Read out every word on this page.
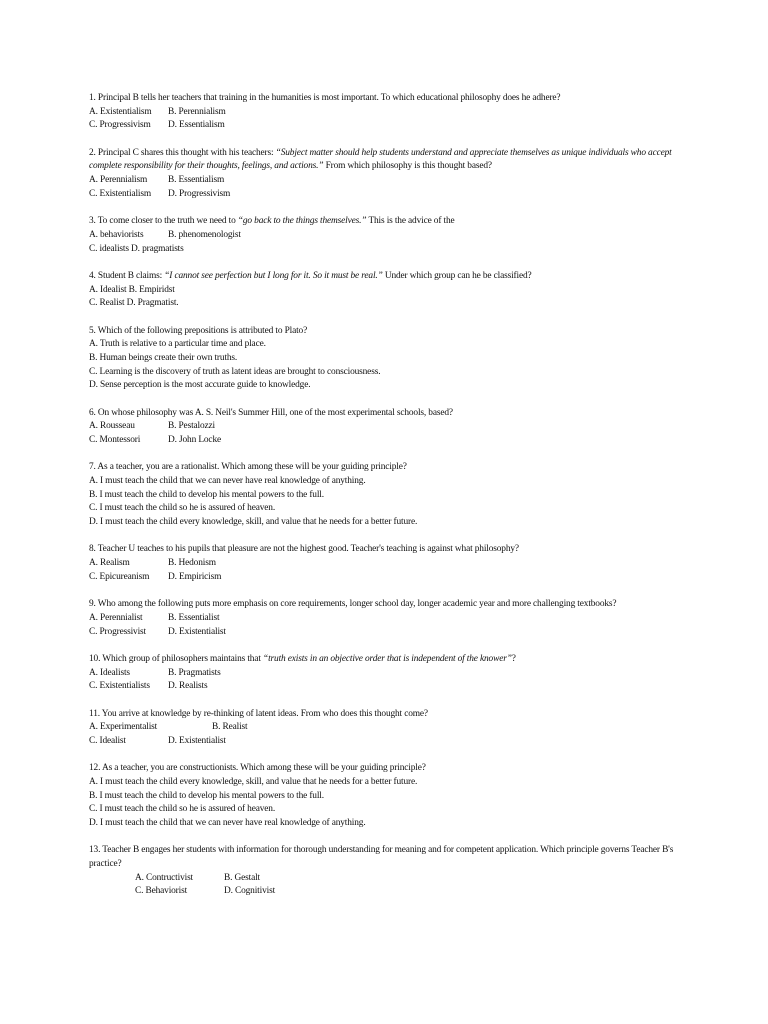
1. Principal B tells her teachers that training in the humanities is most important. To which educational philosophy does he adhere?
A. Existentialism B. Perennialism
C. Progressivism D. Essentialism
2. Principal C shares this thought with his teachers: “Subject matter should help students understand and appreciate themselves as unique individuals who accept complete responsibility for their thoughts, feelings, and actions.” From which philosophy is this thought based?
A. Perennialism B. Essentialism
C. Existentialism D. Progressivism
3. To come closer to the truth we need to “go back to the things themselves.” This is the advice of the
A. behaviorists	B. phenomenologist
C. idealists D. pragmatists
4. Student B claims: “I cannot see perfection but I long for it. So it must be real.” Under which group can he be classified?
A. Idealist B. Empiridst
C. Realist D. Pragmatist.
5. Which of the following prepositions is attributed to Plato?
A. Truth is relative to a particular time and place.
B. Human beings create their own truths.
C. Learning is the discovery of truth as latent ideas are brought to consciousness.
D. Sense perception is the most accurate guide to knowledge.
6. On whose philosophy was A. S. Neil's Summer Hill, one of the most experimental schools, based?
A. Rousseau	B. Pestalozzi
C. Montessori	D. John Locke
7. As a teacher, you are a rationalist. Which among these will be your guiding principle?
A. I must teach the child that we can never have real knowledge of anything.
B. I must teach the child to develop his mental powers to the full.
C. I must teach the child so he is assured of heaven.
D. I must teach the child every knowledge, skill, and value that he needs for a better future.
8. Teacher U teaches to his pupils that pleasure are not the highest good. Teacher's teaching is against what philosophy?
A. Realism	B. Hedonism
C. Epicureanism D. Empiricism
9. Who among the following puts more emphasis on core requirements, longer school day, longer academic year and more challenging textbooks?
A. Perennialist	B. Essentialist
C. Progressivist D. Existentialist
10. Which group of philosophers maintains that “truth exists in an objective order that is independent of the knower”?
A. Idealists	B. Pragmatists
C. Existentialists D. Realists
11. You arrive at knowledge by re-thinking of latent ideas. From who does this thought come?
A. Experimentalist	B. Realist
C. Idealist	D. Existentialist
12. As a teacher, you are constructionists. Which among these will be your guiding principle?
A. I must teach the child every knowledge, skill, and value that he needs for a better future.
B. I must teach the child to develop his mental powers to the full.
C. I must teach the child so he is assured of heaven.
D. I must teach the child that we can never have real knowledge of anything.
13. Teacher B engages her students with information for thorough understanding for meaning and for competent application. Which principle governs Teacher B's practice?
A. Contructivist	B. Gestalt
C. Behaviorist	D. Cognitivist
